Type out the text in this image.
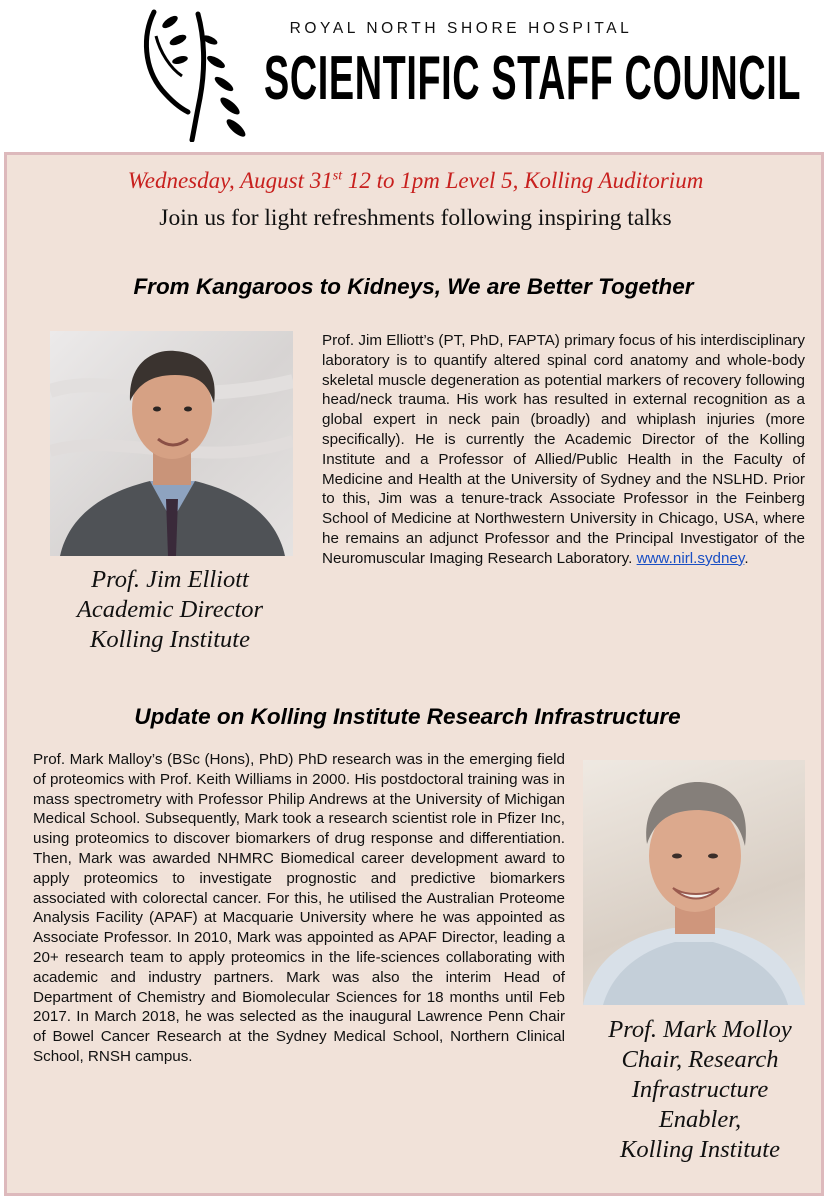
ROYAL NORTH SHORE HOSPITAL
SCIENTIFIC STAFF COUNCIL
Wednesday, August 31st 12 to 1pm Level 5, Kolling Auditorium
Join us for light refreshments following inspiring talks
From Kangaroos to Kidneys, We are Better Together
Prof. Jim Elliott
Academic Director
Kolling Institute
Prof. Jim Elliott’s (PT, PhD, FAPTA) primary focus of his interdisciplinary laboratory is to quantify altered spinal cord anatomy and whole-body skeletal muscle degeneration as potential markers of recovery following head/neck trauma. His work has resulted in external recognition as a global expert in neck pain (broadly) and whiplash injuries (more specifically). He is currently the Academic Director of the Kolling Institute and a Professor of Allied/Public Health in the Faculty of Medicine and Health at the University of Sydney and the NSLHD. Prior to this, Jim was a tenure-track Associate Professor in the Feinberg School of Medicine at Northwestern University in Chicago, USA, where he remains an adjunct Professor and the Principal Investigator of the Neuromuscular Imaging Research Laboratory. www.nirl.sydney.
Update on Kolling Institute Research Infrastructure
Prof. Mark Malloy’s (BSc (Hons), PhD) PhD research was in the emerging field of proteomics with Prof. Keith Williams in 2000. His postdoctoral training was in mass spectrometry with Professor Philip Andrews at the University of Michigan Medical School. Subsequently, Mark took a research scientist role in Pfizer Inc, using proteomics to discover biomarkers of drug response and differentiation. Then, Mark was awarded NHMRC Biomedical career development award to apply proteomics to investigate prognostic and predictive biomarkers associated with colorectal cancer. For this, he utilised the Australian Proteome Analysis Facility (APAF) at Macquarie University where he was appointed as Associate Professor. In 2010, Mark was appointed as APAF Director, leading a 20+ research team to apply proteomics in the life-sciences collaborating with academic and industry partners. Mark was also the interim Head of Department of Chemistry and Biomolecular Sciences for 18 months until Feb 2017. In March 2018, he was selected as the inaugural Lawrence Penn Chair of Bowel Cancer Research at the Sydney Medical School, Northern Clinical School, RNSH campus.
Prof. Mark Molloy
Chair, Research
Infrastructure
Enabler,
Kolling Institute
